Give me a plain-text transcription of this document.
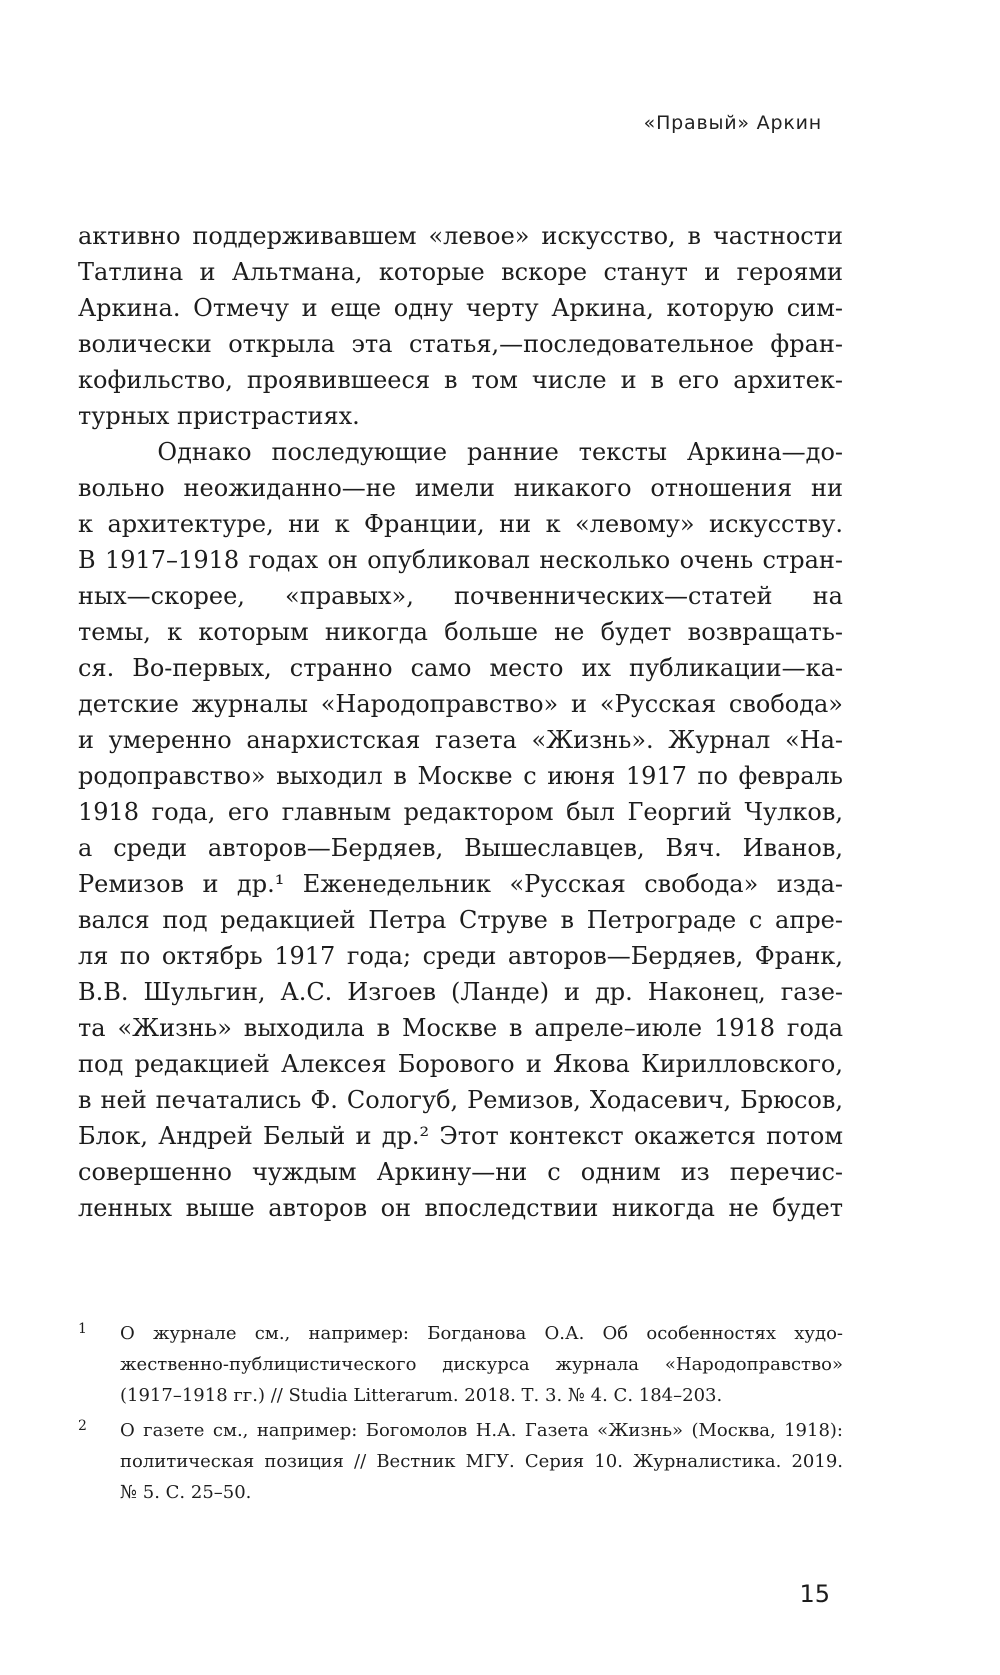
«Правый» Аркин
активно поддерживавшем «левое» искусство, в частности
Татлина и Альтмана, которые вскоре станут и героями
Аркина. Отмечу и еще одну черту Аркина, которую сим-
волически открыла эта статья,—последовательное фран-
кофильство, проявившееся в том числе и в его архитек-
турных пристрастиях.
Однако последующие ранние тексты Аркина—до-
вольно неожиданно—не имели никакого отношения ни
к архитектуре, ни к Франции, ни к «левому» искусству.
В 1917–1918 годах он опубликовал несколько очень стран-
ных—скорее, «правых», почвеннических—статей на
темы, к которым никогда больше не будет возвращать-
ся. Во-первых, странно само место их публикации—ка-
детские журналы «Народоправство» и «Русская свобода»
и умеренно анархистская газета «Жизнь». Журнал «На-
родоправство» выходил в Москве с июня 1917 по февраль
1918 года, его главным редактором был Георгий Чулков,
а среди авторов—Бердяев, Вышеславцев, Вяч. Иванов,
Ремизов и др.¹ Еженедельник «Русская свобода» изда-
вался под редакцией Петра Струве в Петрограде с апре-
ля по октябрь 1917 года; среди авторов—Бердяев, Франк,
В.В. Шульгин, А.С. Изгоев (Ланде) и др. Наконец, газе-
та «Жизнь» выходила в Москве в апреле–июле 1918 года
под редакцией Алексея Борового и Якова Кирилловского,
в ней печатались Ф. Сологуб, Ремизов, Ходасевич, Брюсов,
Блок, Андрей Белый и др.² Этот контекст окажется потом
совершенно чуждым Аркину—ни с одним из перечис-
ленных выше авторов он впоследствии никогда не будет
1	О журнале см., например: Богданова О.А. Об особенностях худо-
жественно-публицистического дискурса журнала «Народоправство»
(1917–1918 гг.) // Studia Litterarum. 2018. Т. 3. № 4. С. 184–203.
2	О газете см., например: Богомолов Н.А. Газета «Жизнь» (Москва, 1918):
политическая позиция // Вестник МГУ. Серия 10. Журналистика. 2019.
№ 5. С. 25–50.
15
